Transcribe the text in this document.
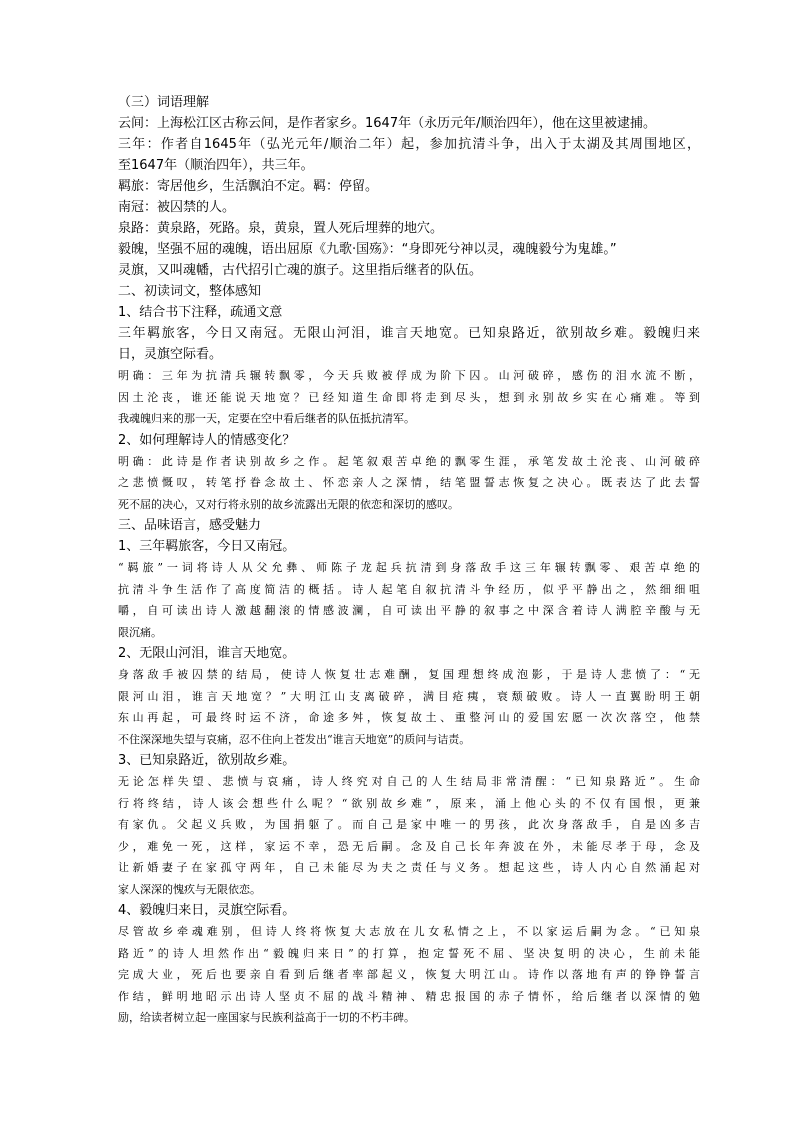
（三）词语理解
云间：上海松江区古称云间，是作者家乡。1647年（永历元年/顺治四年），他在这里被逮捕。
三年：作者自1645年（弘光元年/顺治二年）起，参加抗清斗争，出入于太湖及其周围地区，
至1647年（顺治四年），共三年。
羁旅：寄居他乡，生活飘泊不定。羁：停留。
南冠：被囚禁的人。
泉路：黄泉路，死路。泉，黄泉，置人死后埋葬的地穴。
毅魄，坚强不屈的魂魄，语出屈原《九歌·国殇》：“身即死兮神以灵，魂魄毅兮为鬼雄。”
灵旗，又叫魂幡，古代招引亡魂的旗子。这里指后继者的队伍。
二、初读词文，整体感知
1、结合书下注释，疏通文意
三年羁旅客，今日又南冠。无限山河泪，谁言天地宽。已知泉路近，欲别故乡难。毅魄归来
日，灵旗空际看。
明确：三年为抗清兵辗转飘零，今天兵败被俘成为阶下囚。山河破碎，感伤的泪水流不断，
因土沦丧，谁还能说天地宽？已经知道生命即将走到尽头，想到永别故乡实在心痛难。等到
我魂魄归来的那一天，定要在空中看后继者的队伍抵抗清军。
2、如何理解诗人的情感变化？
明确：此诗是作者诀别故乡之作。起笔叙艰苦卓绝的飘零生涯，承笔发故土沦丧、山河破碎
之悲愤慨叹，转笔抒眷念故土、怀恋亲人之深情，结笔盟誓志恢复之决心。既表达了此去誓
死不屈的决心，又对行将永别的故乡流露出无限的依恋和深切的感叹。
三、品味语言，感受魅力
1、三年羁旅客，今日又南冠。
“羁旅”一词将诗人从父允彝、师陈子龙起兵抗清到身落敌手这三年辗转飘零、艰苦卓绝的
抗清斗争生活作了高度简洁的概括。诗人起笔自叙抗清斗争经历，似乎平静出之，然细细咀
嚼，自可读出诗人激越翻滚的情感波澜，自可读出平静的叙事之中深含着诗人满腔辛酸与无
限沉痛。
2、无限山河泪，谁言天地宽。
身落敌手被囚禁的结局，使诗人恢复壮志难酬，复国理想终成泡影，于是诗人悲愤了：“无
限河山泪，谁言天地宽？”大明江山支离破碎，满目疮痍，衰颓破败。诗人一直翼盼明王朝
东山再起，可最终时运不济，命途多舛，恢复故土、重整河山的爱国宏愿一次次落空，他禁
不住深深地失望与哀痛，忍不住向上苍发出“谁言天地宽”的质问与诘责。
3、已知泉路近，欲别故乡难。
无论怎样失望、悲愤与哀痛，诗人终究对自己的人生结局非常清醒：“已知泉路近”。生命
行将终结，诗人该会想些什么呢？“欲别故乡难”，原来，涌上他心头的不仅有国恨，更兼
有家仇。父起义兵败，为国捐躯了。而自己是家中唯一的男孩，此次身落敌手，自是凶多吉
少，难免一死，这样，家运不幸，恐无后嗣。念及自己长年奔波在外，未能尽孝于母，念及
让新婚妻子在家孤守两年，自己未能尽为夫之责任与义务。想起这些，诗人内心自然涌起对
家人深深的愧疚与无限依恋。
4、毅魄归来日，灵旗空际看。
尽管故乡牵魂难别，但诗人终将恢复大志放在儿女私情之上，不以家运后嗣为念。“已知泉
路近”的诗人坦然作出“毅魄归来日”的打算，抱定誓死不屈、坚决复明的决心，生前未能
完成大业，死后也要亲自看到后继者率部起义，恢复大明江山。诗作以落地有声的铮铮誓言
作结，鲜明地昭示出诗人坚贞不屈的战斗精神、精忠报国的赤子情怀，给后继者以深情的勉
励，给读者树立起一座国家与民族利益高于一切的不朽丰碑。
